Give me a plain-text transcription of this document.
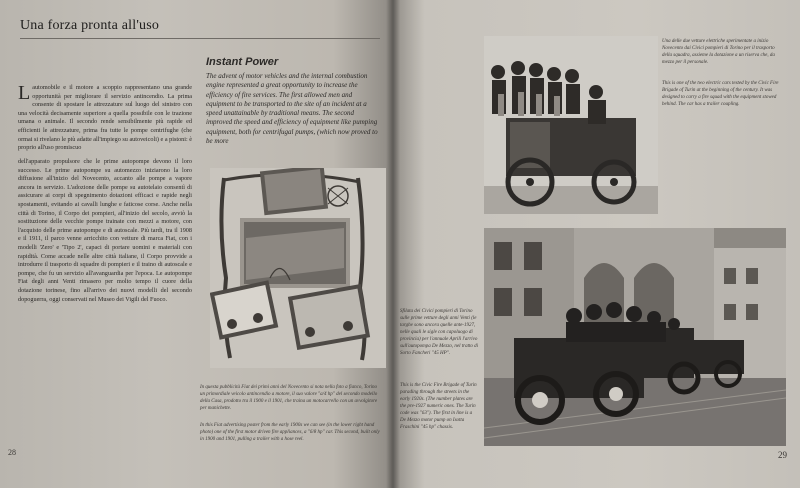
Una forza pronta all'uso
Instant Power
The advent of motor vehicles and the internal combustion engine represented a great opportunity to increase the efficiency of fire services. The first allowed men and equipment to be transported to the site of an incident at a speed unattainable by traditional means. The second improved the speed and efficiency of equipment like pumping equipment, both for centrifugal pumps, (which now proved to be more
L automobile e il motore a scoppio rappresentano una grande opportunità per migliorare il servizio antincendio. La prima consente di spostare le attrezzature sul luogo del sinistro con una velocità decisamente superiore a quella possibile con le trazione umana o animale. Il secondo rende sensibilmente più rapide ed efficienti le attrezzature, prima fra tutte le pompe centrifughe (che ormai si rivelano le più adatte all'impiego su autoveicoli) e a pistoni: è proprio all'uso promiscuo
dell'apparato propulsore che le prime autopompe devono il loro successo. Le prime autopompe su automezzo iniziarono la loro diffusione all'inizio del Novecento, accanto alle pompe a vapore ancora in servizio. L'adozione delle pompe su autotelaio consentì di assicurare ai corpi di spegnimento dotazioni efficaci e rapide negli spostamenti, evitando ai cavalli lunghe e faticose corse. Anche nella città di Torino, il Corpo dei pompieri, all'inizio del secolo, avviò la sostituzione delle vecchie pompe trainate con mezzi a motore, con l'acquisto delle prime autopompe e di autoscale. Più tardi, tra il 1908 e il 1911, il parco venne arricchito con vetture di marca Fiat, con i modelli 'Zero' e 'Tipo 2', capaci di portare uomini e materiali con rapidità. Come accade nelle altre città italiane, il Corpo provvide a introdurre il trasporto di squadre di pompieri e il traino di autoscale e pompe, che fu un servizio all'avanguardia per l'epoca. Le autopompe Fiat degli anni Venti rimasero per molto tempo il cuore della dotazione torinese, fino all'arrivo dei nuovi modelli del secondo dopoguerra, oggi conservati nel Museo dei Vigili del Fuoco.
In questa pubblicità Fiat dei primi anni del Novecento si nota nella foto a fianco, Torino un primordiale veicolo antincendio a motore, il suo valore "a/4 hp" del secondo modello della Casa, prodotto tra il 1900 e il 1901, che traina un motocarrello con un avvolgitore per manichette.
In this Fiat advertising poster from the early 1900s we can see (in the lower right hand photo) one of the first motor driven fire appliances, a "6/8 hp" car. This second, built only in 1900 and 1901, pulling a trailer with a hose reel.
28
Una delle due vetture elettriche sperimentate a inizio Novecento dai Civici pompieri di Torino per il trasporto della squadra, assieme la dotazione a un riserva che, da mezzo per il personale.
This is one of the two electric cars tested by the Civic Fire Brigade of Turin at the beginning of the century. It was designed to carry a fire squad with the equipment stowed behind. The car has a trailer coupling.
Sfilata dei Civici pompieri di Torino sulle prime vetture degli anni Venti (le targhe sono ancora quelle ante-1927, nelle quali le sigle con capoluogo di provincia) per l'annuale Aprili l'arrivo sull'autopompa De Mezzo, nel tratto di Sorto Fancheri "45 HP".
This is the Civic Fire Brigade of Turin parading through the streets in the early 1920s. (The number plates are the pre-1927 numeric ones. The Turin code was "63"). The first in line is a De Mezzo motor pump on Isotta Fraschini "45 hp" chassis.
29
